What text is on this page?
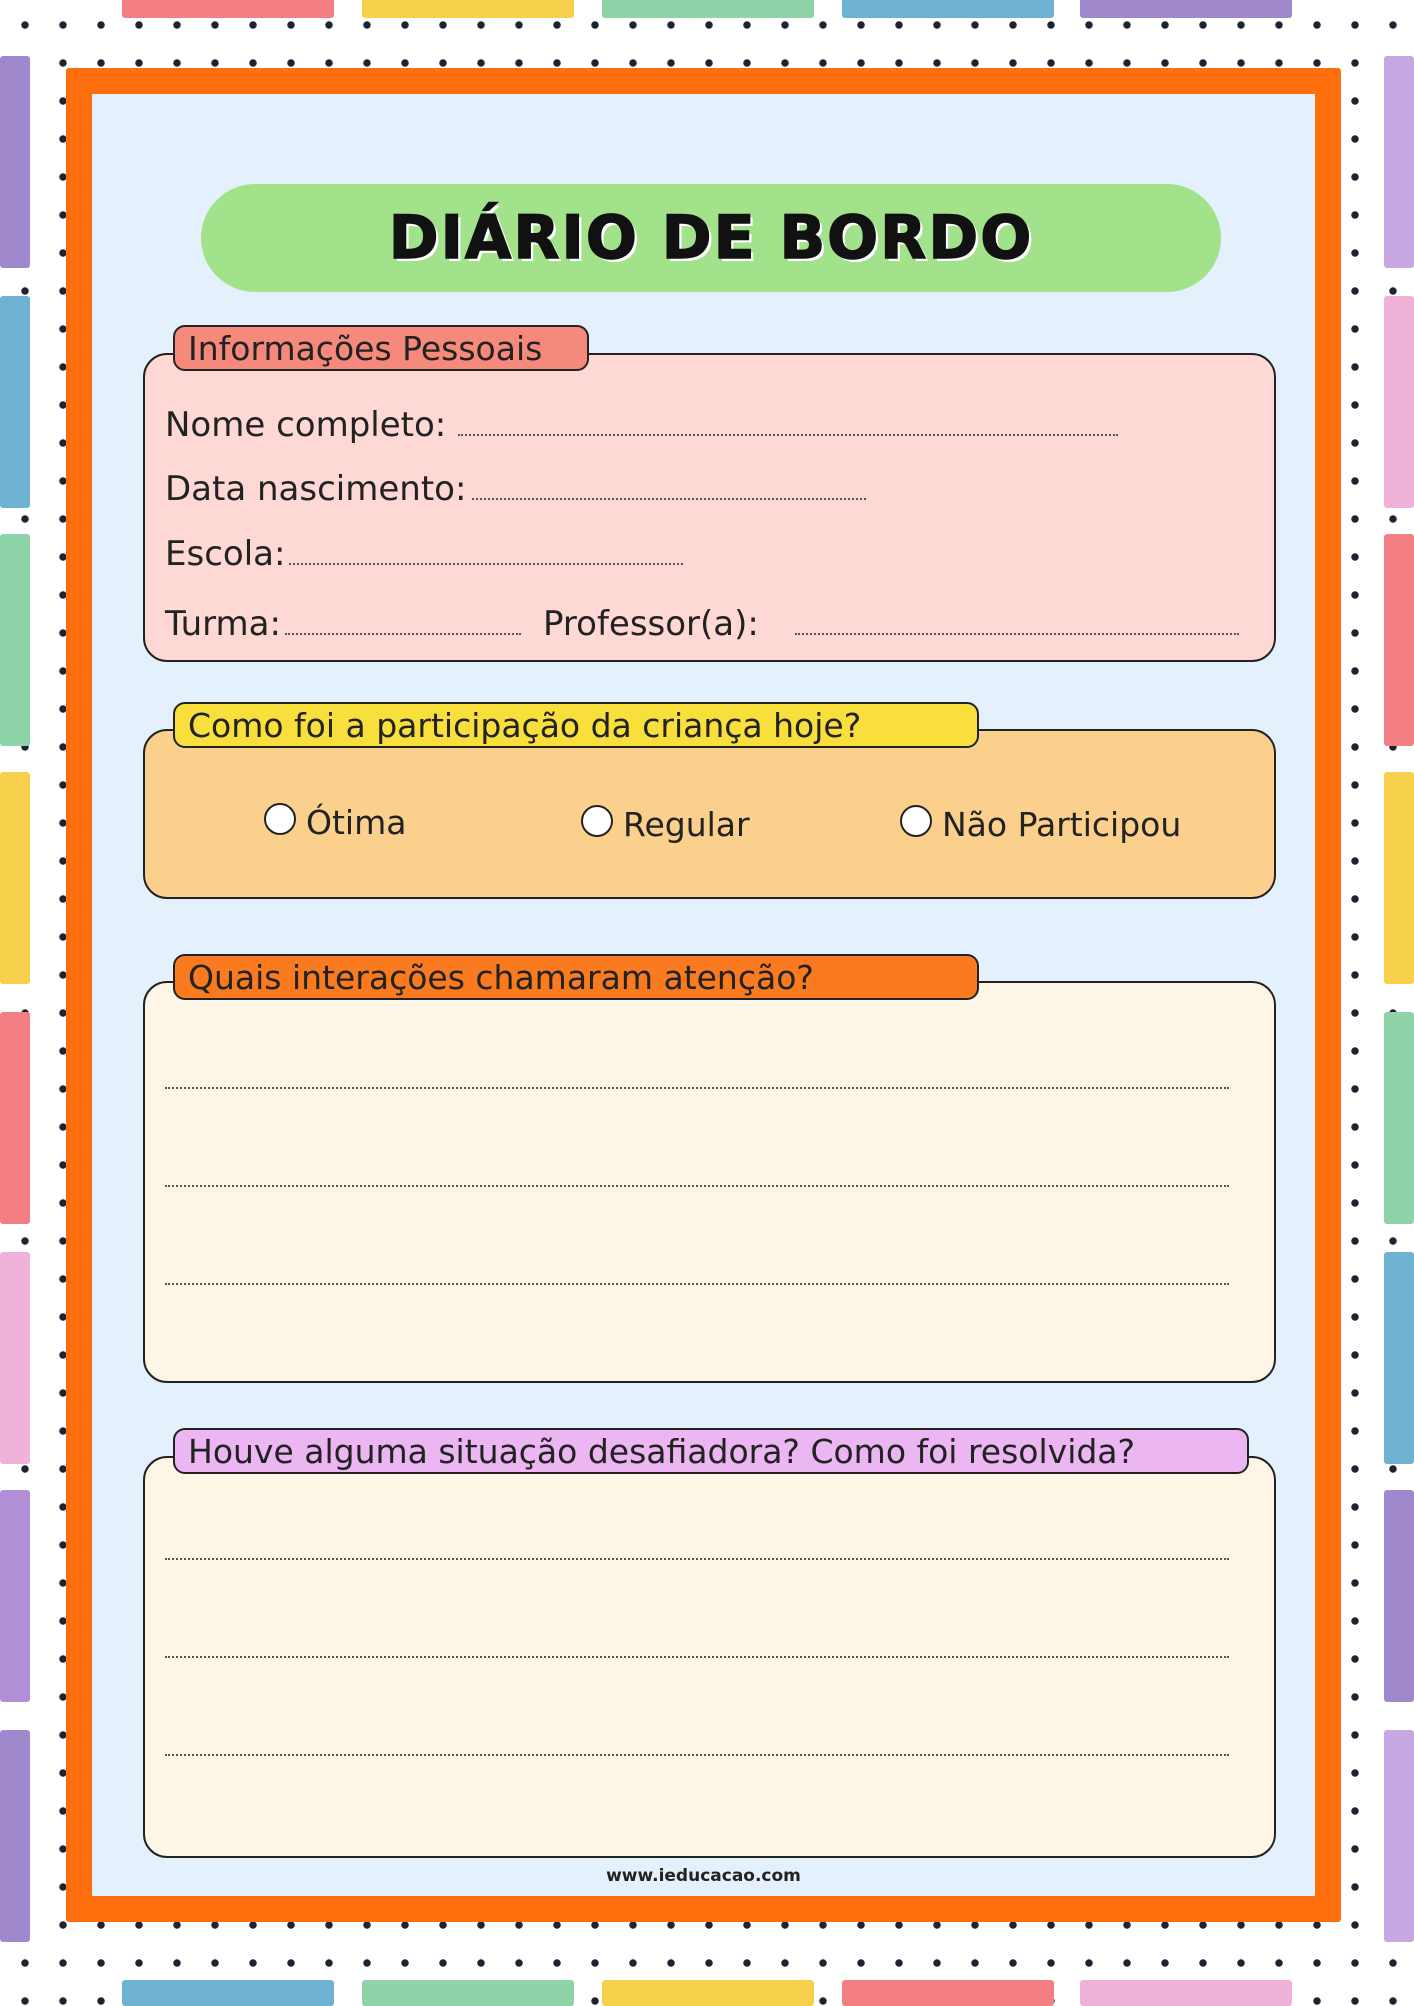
DIÁRIO DE BORDO
Informações Pessoais
Nome completo:
Data nascimento:
Escola:
Turma:	Professor(a):
Como foi a participação da criança hoje?
Ótima	Regular	Não Participou
Quais interações chamaram atenção?
Houve alguma situação desafiadora? Como foi resolvida?
www.ieducacao.com
